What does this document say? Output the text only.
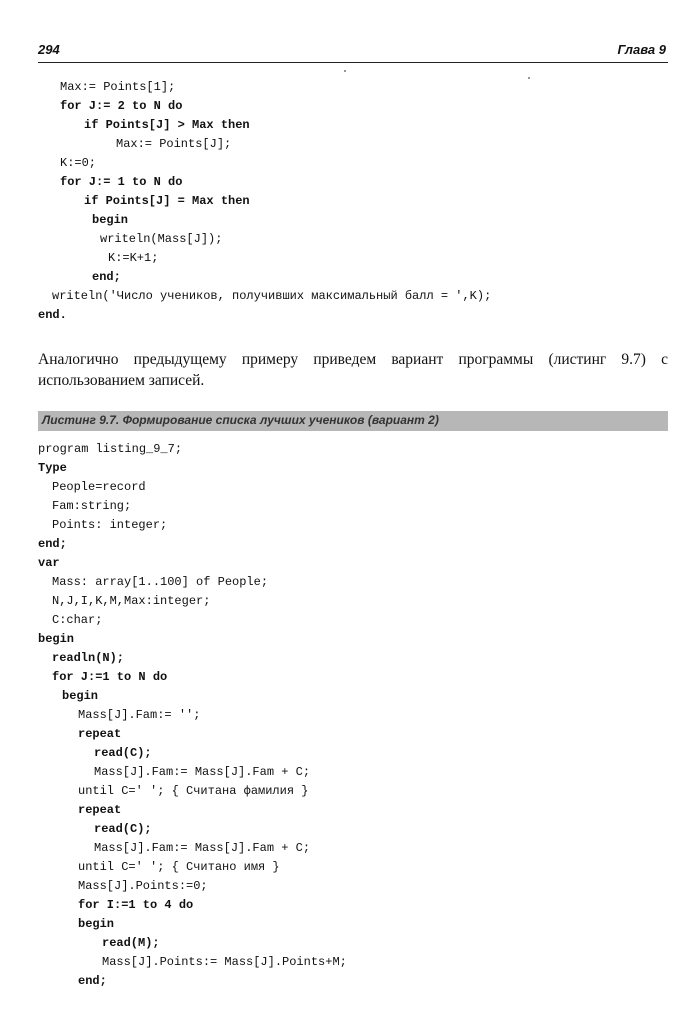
294	Глава 9

Max:= Points[1];

for J:= 2 to N do

if Points[J] > Max then

Max:= Points[J];

K:=0;

for J:= 1 to N do

if Points[J] = Max then

begin

writeln(Mass[J]);

K:=K+1;

end;

writeln('Число учеников, получивших максимальный балл = ',K);

end.

Аналогично предыдущему примеру приведем вариант программы (листинг 9.7) с использованием записей.
Листинг 9.7. Формирование списка лучших учеников (вариант 2)

program listing_9_7;

Type

People=record

Fam:string;

Points: integer;

end;

var

Mass: array[1..100] of People;

N,J,I,K,M,Max:integer;

C:char;

begin

readln(N);

for J:=1 to N do

begin

Mass[J].Fam:= '';

repeat

read(C);

Mass[J].Fam:= Mass[J].Fam + C;

until C=' '; { Считана фамилия }

repeat

read(C);

Mass[J].Fam:= Mass[J].Fam + C;

until C=' '; { Считано имя }

Mass[J].Points:=0;

for I:=1 to 4 do

begin

read(M);

Mass[J].Points:= Mass[J].Points+M;

end;
